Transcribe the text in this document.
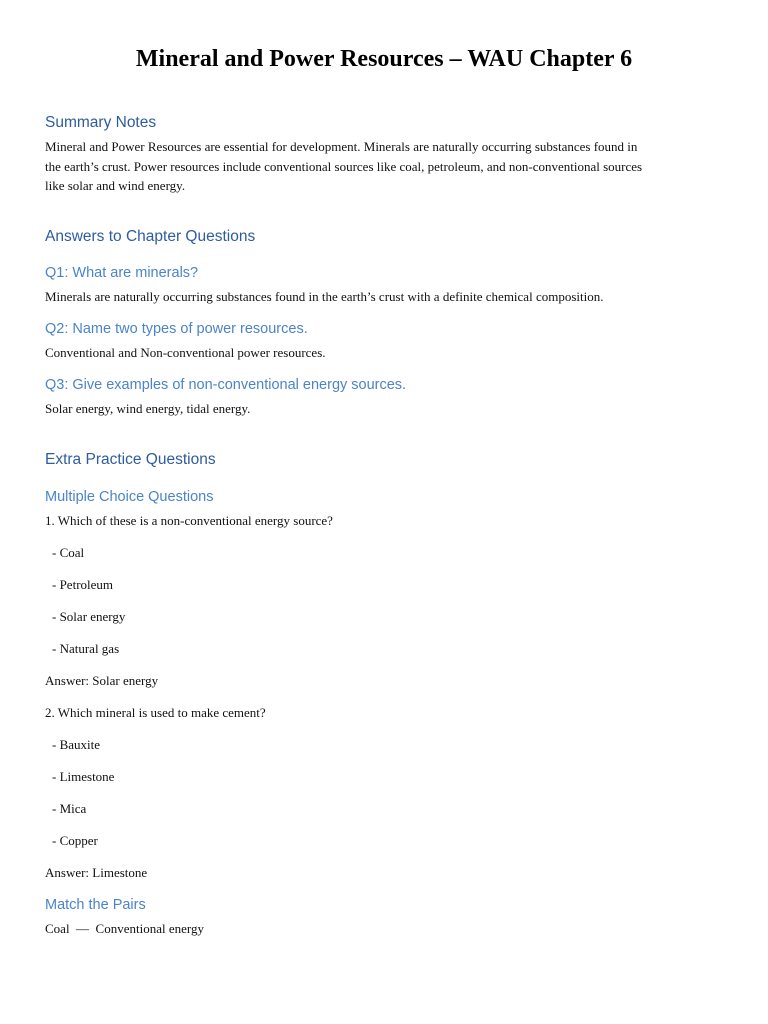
Mineral and Power Resources – WAU Chapter 6
Summary Notes
Mineral and Power Resources are essential for development. Minerals are naturally occurring substances found in
the earth’s crust. Power resources include conventional sources like coal, petroleum, and non-conventional sources
like solar and wind energy.
Answers to Chapter Questions
Q1: What are minerals?
Minerals are naturally occurring substances found in the earth’s crust with a definite chemical composition.
Q2: Name two types of power resources.
Conventional and Non-conventional power resources.
Q3: Give examples of non-conventional energy sources.
Solar energy, wind energy, tidal energy.
Extra Practice Questions
Multiple Choice Questions
1. Which of these is a non-conventional energy source?
- Coal
- Petroleum
- Solar energy
- Natural gas
Answer: Solar energy
2. Which mineral is used to make cement?
- Bauxite
- Limestone
- Mica
- Copper
Answer: Limestone
Match the Pairs
Coal  —  Conventional energy
